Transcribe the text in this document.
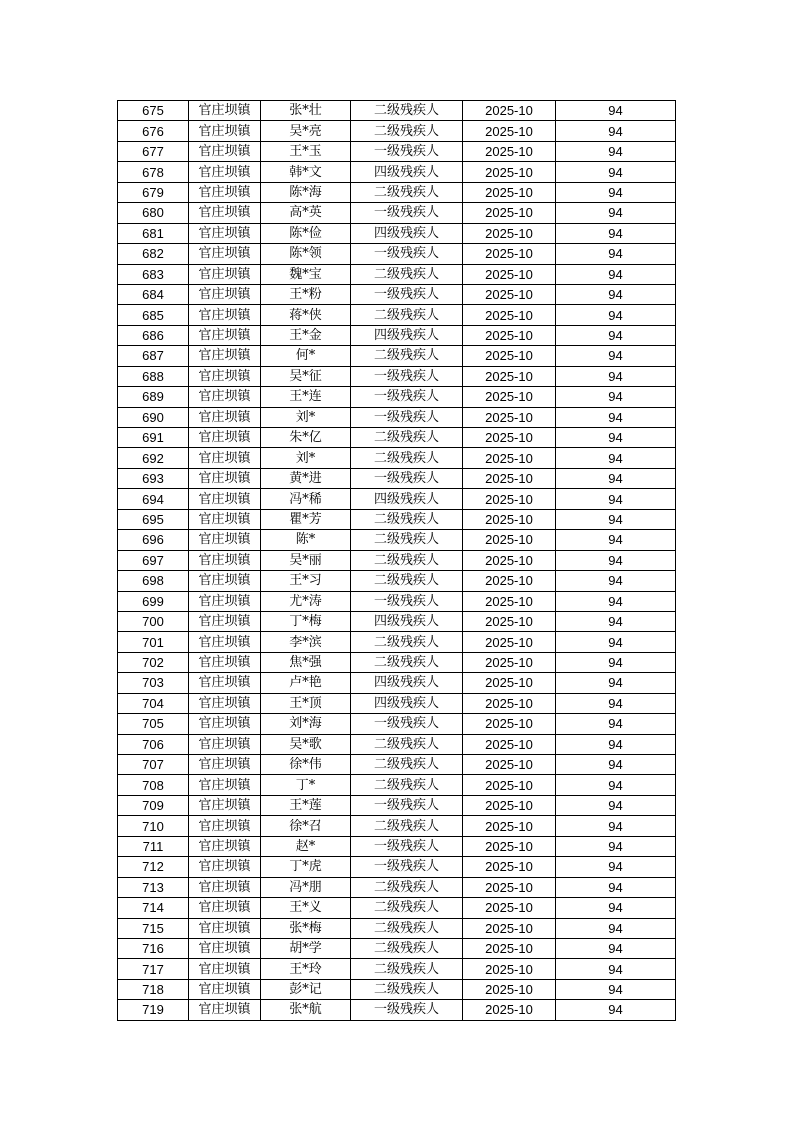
675	官庄坝镇	张*壮	二级残疾人	2025-10	94
676	官庄坝镇	吴*亮	二级残疾人	2025-10	94
677	官庄坝镇	王*玉	一级残疾人	2025-10	94
678	官庄坝镇	韩*文	四级残疾人	2025-10	94
679	官庄坝镇	陈*海	二级残疾人	2025-10	94
680	官庄坝镇	高*英	一级残疾人	2025-10	94
681	官庄坝镇	陈*俭	四级残疾人	2025-10	94
682	官庄坝镇	陈*领	一级残疾人	2025-10	94
683	官庄坝镇	魏*宝	二级残疾人	2025-10	94
684	官庄坝镇	王*粉	一级残疾人	2025-10	94
685	官庄坝镇	蒋*侠	二级残疾人	2025-10	94
686	官庄坝镇	王*金	四级残疾人	2025-10	94
687	官庄坝镇	何*	二级残疾人	2025-10	94
688	官庄坝镇	吴*征	一级残疾人	2025-10	94
689	官庄坝镇	王*连	一级残疾人	2025-10	94
690	官庄坝镇	刘*	一级残疾人	2025-10	94
691	官庄坝镇	朱*亿	二级残疾人	2025-10	94
692	官庄坝镇	刘*	二级残疾人	2025-10	94
693	官庄坝镇	黄*进	一级残疾人	2025-10	94
694	官庄坝镇	冯*稀	四级残疾人	2025-10	94
695	官庄坝镇	瞿*芳	二级残疾人	2025-10	94
696	官庄坝镇	陈*	二级残疾人	2025-10	94
697	官庄坝镇	吴*丽	二级残疾人	2025-10	94
698	官庄坝镇	王*习	二级残疾人	2025-10	94
699	官庄坝镇	尤*涛	一级残疾人	2025-10	94
700	官庄坝镇	丁*梅	四级残疾人	2025-10	94
701	官庄坝镇	李*滨	二级残疾人	2025-10	94
702	官庄坝镇	焦*强	二级残疾人	2025-10	94
703	官庄坝镇	卢*艳	四级残疾人	2025-10	94
704	官庄坝镇	王*顶	四级残疾人	2025-10	94
705	官庄坝镇	刘*海	一级残疾人	2025-10	94
706	官庄坝镇	吴*歌	二级残疾人	2025-10	94
707	官庄坝镇	徐*伟	二级残疾人	2025-10	94
708	官庄坝镇	丁*	二级残疾人	2025-10	94
709	官庄坝镇	王*莲	一级残疾人	2025-10	94
710	官庄坝镇	徐*召	二级残疾人	2025-10	94
711	官庄坝镇	赵*	一级残疾人	2025-10	94
712	官庄坝镇	丁*虎	一级残疾人	2025-10	94
713	官庄坝镇	冯*朋	二级残疾人	2025-10	94
714	官庄坝镇	王*义	二级残疾人	2025-10	94
715	官庄坝镇	张*梅	二级残疾人	2025-10	94
716	官庄坝镇	胡*学	二级残疾人	2025-10	94
717	官庄坝镇	王*玲	二级残疾人	2025-10	94
718	官庄坝镇	彭*记	二级残疾人	2025-10	94
719	官庄坝镇	张*航	一级残疾人	2025-10	94
